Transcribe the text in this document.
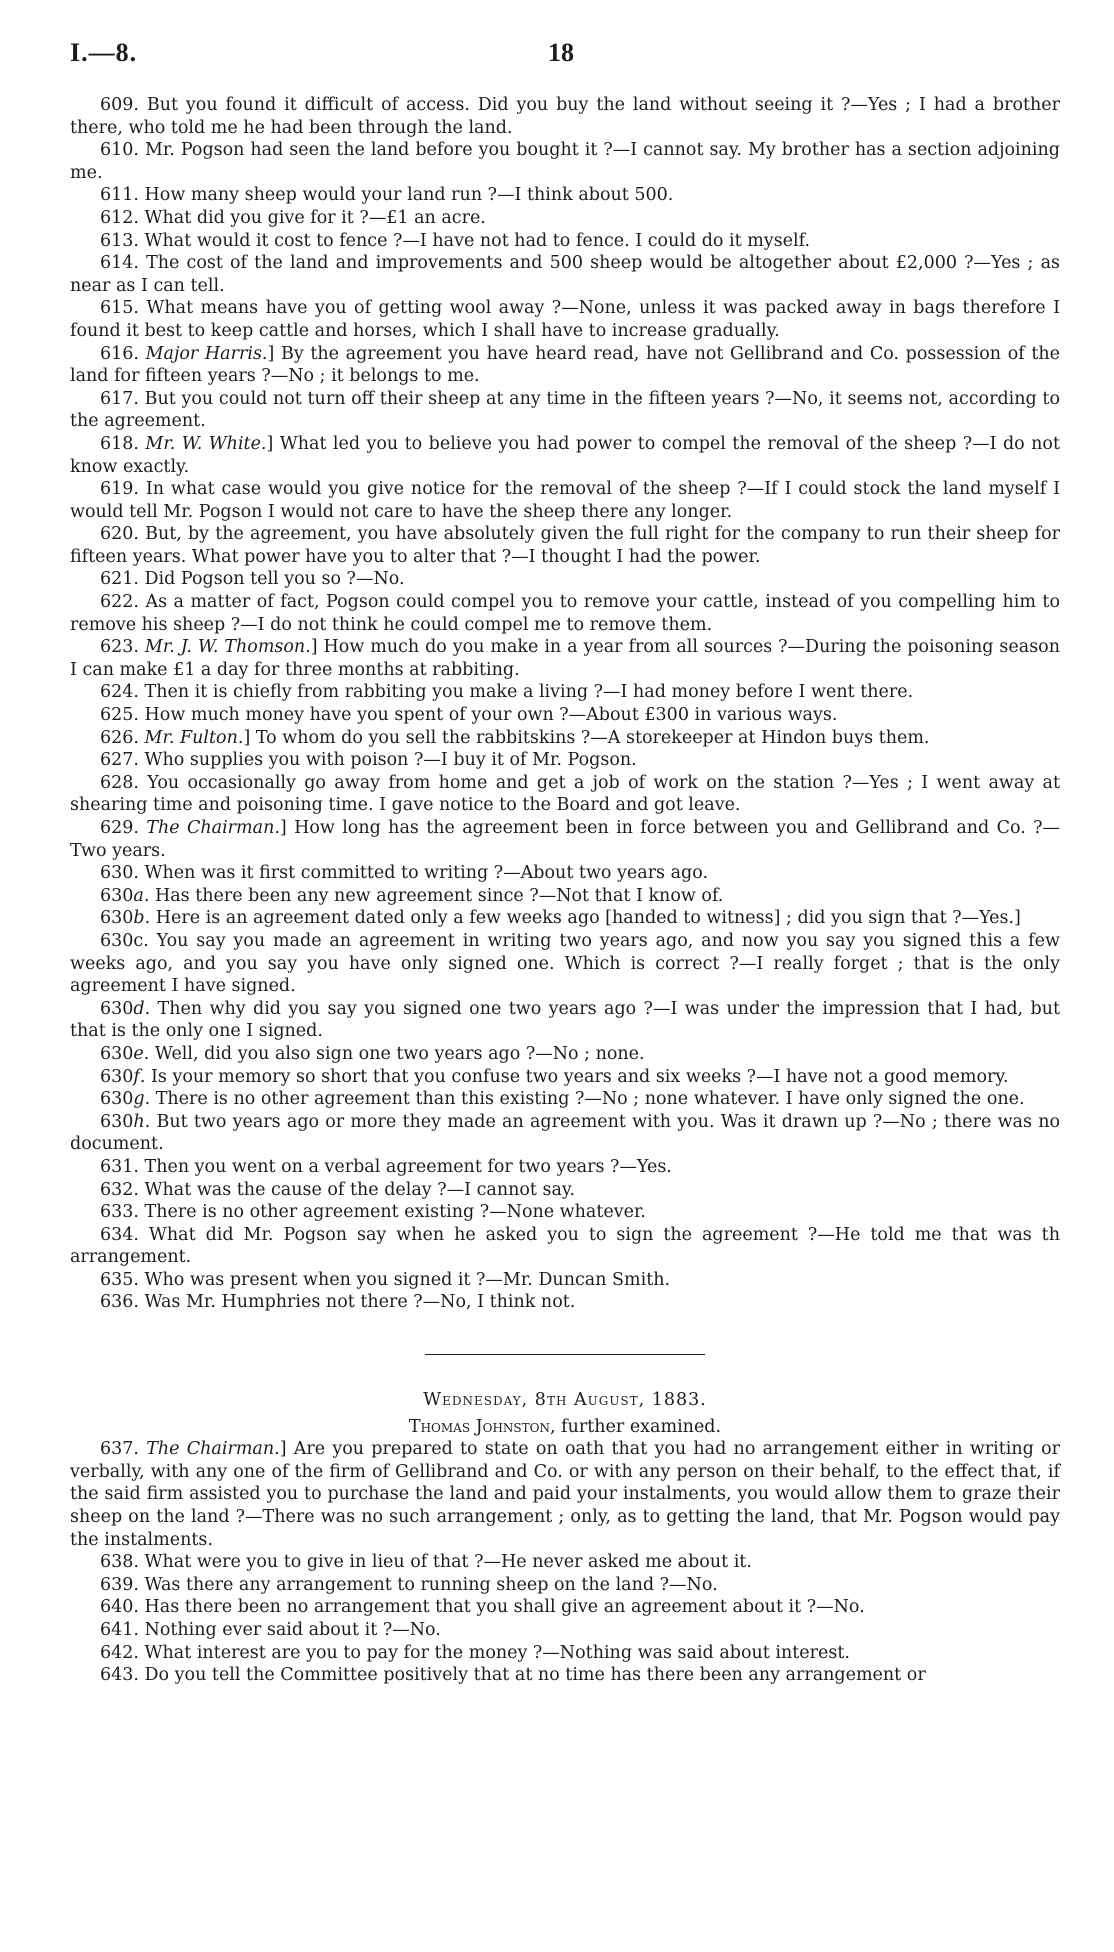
I.—8.	18

609. But you found it difficult of access. Did you buy the land without seeing it ?—Yes ; I had a brother there, who told me he had been through the land.

610. Mr. Pogson had seen the land before you bought it ?—I cannot say. My brother has a section adjoining me.

611. How many sheep would your land run ?—I think about 500.

612. What did you give for it ?—£1 an acre.

613. What would it cost to fence ?—I have not had to fence. I could do it myself.

614. The cost of the land and improvements and 500 sheep would be altogether about £2,000 ?—Yes ; as near as I can tell.

615. What means have you of getting wool away ?—None, unless it was packed away in bags therefore I found it best to keep cattle and horses, which I shall have to increase gradually.

616. Major Harris.] By the agreement you have heard read, have not Gellibrand and Co. possession of the land for fifteen years ?—No ; it belongs to me.

617. But you could not turn off their sheep at any time in the fifteen years ?—No, it seems not, according to the agreement.

618. Mr. W. White.] What led you to believe you had power to compel the removal of the sheep ?—I do not know exactly.

619. In what case would you give notice for the removal of the sheep ?—If I could stock the land myself I would tell Mr. Pogson I would not care to have the sheep there any longer.

620. But, by the agreement, you have absolutely given the full right for the company to run their sheep for fifteen years. What power have you to alter that ?—I thought I had the power.

621. Did Pogson tell you so ?—No.

622. As a matter of fact, Pogson could compel you to remove your cattle, instead of you compelling him to remove his sheep ?—I do not think he could compel me to remove them.

623. Mr. J. W. Thomson.] How much do you make in a year from all sources ?—During the poisoning season I can make £1 a day for three months at rabbiting.

624. Then it is chiefly from rabbiting you make a living ?—I had money before I went there.

625. How much money have you spent of your own ?—About £300 in various ways.

626. Mr. Fulton.] To whom do you sell the rabbitskins ?—A storekeeper at Hindon buys them.

627. Who supplies you with poison ?—I buy it of Mr. Pogson.

628. You occasionally go away from home and get a job of work on the station ?—Yes ; I went away at shearing time and poisoning time. I gave notice to the Board and got leave.

629. The Chairman.] How long has the agreement been in force between you and Gellibrand and Co. ?—Two years.

630. When was it first committed to writing ?—About two years ago.

630a. Has there been any new agreement since ?—Not that I know of.

630b. Here is an agreement dated only a few weeks ago [handed to witness] ; did you sign that ?—Yes.]

630c. You say you made an agreement in writing two years ago, and now you say you signed this a few weeks ago, and you say you have only signed one. Which is correct ?—I really forget ; that is the only agreement I have signed.

630d. Then why did you say you signed one two years ago ?—I was under the impression that I had, but that is the only one I signed.

630e. Well, did you also sign one two years ago ?—No ; none.

630f. Is your memory so short that you confuse two years and six weeks ?—I have not a good memory.

630g. There is no other agreement than this existing ?—No ; none whatever. I have only signed the one.

630h. But two years ago or more they made an agreement with you. Was it drawn up ?—No ; there was no document.

631. Then you went on a verbal agreement for two years ?—Yes.

632. What was the cause of the delay ?—I cannot say.

633. There is no other agreement existing ?—None whatever.

634. What did Mr. Pogson say when he asked you to sign the agreement ?—He told me that was th arrangement.

635. Who was present when you signed it ?—Mr. Duncan Smith.

636. Was Mr. Humphries not there ?—No, I think not.

Wednesday, 8th August, 1883.

Thomas Johnston, further examined.

637. The Chairman.] Are you prepared to state on oath that you had no arrangement either in writing or verbally, with any one of the firm of Gellibrand and Co. or with any person on their behalf, to the effect that, if the said firm assisted you to purchase the land and paid your instalments, you would allow them to graze their sheep on the land ?—There was no such arrangement ; only, as to getting the land, that Mr. Pogson would pay the instalments.

638. What were you to give in lieu of that ?—He never asked me about it.

639. Was there any arrangement to running sheep on the land ?—No.

640. Has there been no arrangement that you shall give an agreement about it ?—No.

641. Nothing ever said about it ?—No.

642. What interest are you to pay for the money ?—Nothing was said about interest.

643. Do you tell the Committee positively that at no time has there been any arrangement or
